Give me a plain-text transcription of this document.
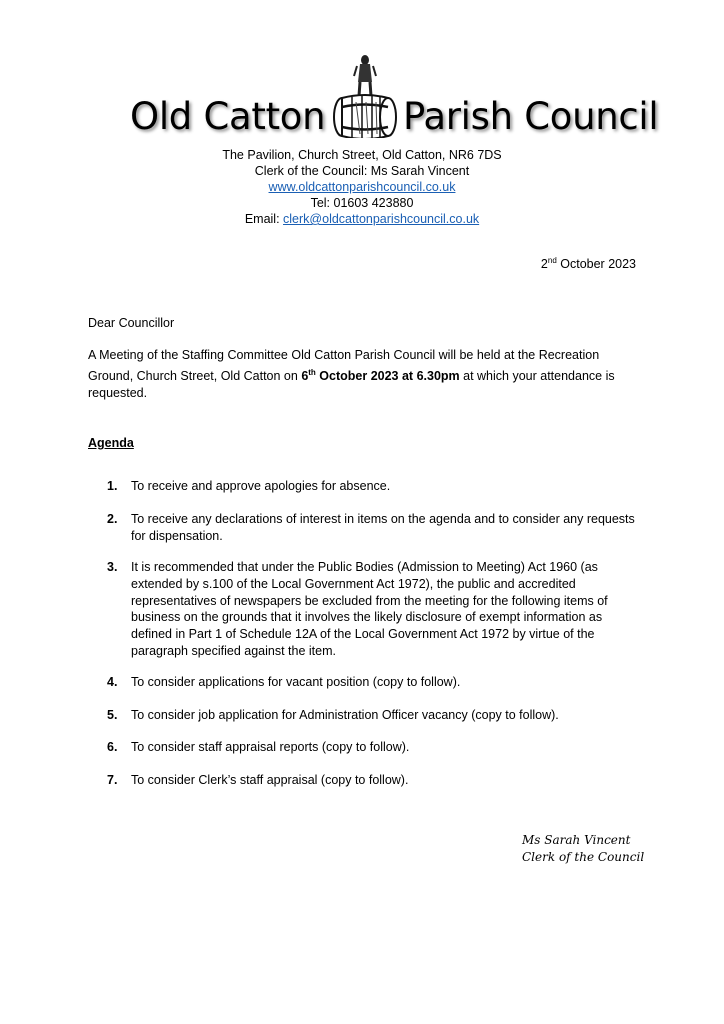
Old Catton Parish Council
The Pavilion, Church Street, Old Catton, NR6 7DS
Clerk of the Council: Ms Sarah Vincent
www.oldcattonparishcouncil.co.uk
Tel: 01603 423880
Email: clerk@oldcattonparishcouncil.co.uk
2nd October 2023
Dear Councillor
A Meeting of the Staffing Committee Old Catton Parish Council will be held at the Recreation Ground, Church Street, Old Catton on 6th October 2023 at 6.30pm at which your attendance is requested.
Agenda
1.	To receive and approve apologies for absence.
2.	To receive any declarations of interest in items on the agenda and to consider any requests for dispensation.
3.	It is recommended that under the Public Bodies (Admission to Meeting) Act 1960 (as extended by s.100 of the Local Government Act 1972), the public and accredited representatives of newspapers be excluded from the meeting for the following items of business on the grounds that it involves the likely disclosure of exempt information as defined in Part 1 of Schedule 12A of the Local Government Act 1972 by virtue of the paragraph specified against the item.
4.	To consider applications for vacant position (copy to follow).
5.	To consider job application for Administration Officer vacancy (copy to follow).
6.	To consider staff appraisal reports (copy to follow).
7.	To consider Clerk’s staff appraisal (copy to follow).
Ms Sarah Vincent
Clerk of the Council
